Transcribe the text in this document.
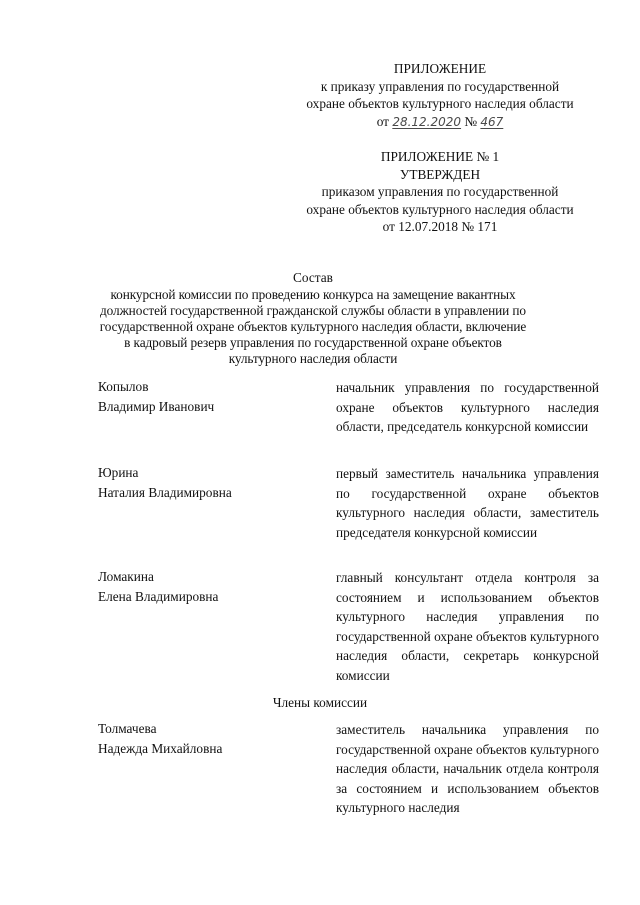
ПРИЛОЖЕНИЕ
к приказу управления по государственной
охране объектов культурного наследия области
от 28.12.2020 № 467
ПРИЛОЖЕНИЕ № 1
УТВЕРЖДЕН
приказом управления по государственной
охране объектов культурного наследия области
от 12.07.2018 № 171
Состав
конкурсной комиссии по проведению конкурса на замещение вакантных должностей государственной гражданской службы области в управлении по государственной охране объектов культурного наследия области, включение в кадровый резерв управления по государственной охране объектов культурного наследия области
Копылов
Владимир Иванович
начальник управления по государственной охране объектов культурного наследия области, председатель конкурсной комиссии
Юрина
Наталия Владимировна
первый заместитель начальника управления по государственной охране объектов культурного наследия области, заместитель председателя конкурсной комиссии
Ломакина
Елена Владимировна
главный консультант отдела контроля за состоянием и использованием объектов культурного наследия управления по государственной охране объектов культурного наследия области, секретарь конкурсной комиссии
Члены комиссии
Толмачева
Надежда Михайловна
заместитель начальника управления по государственной охране объектов культурного наследия области, начальник отдела контроля за состоянием и использованием объектов культурного наследия
